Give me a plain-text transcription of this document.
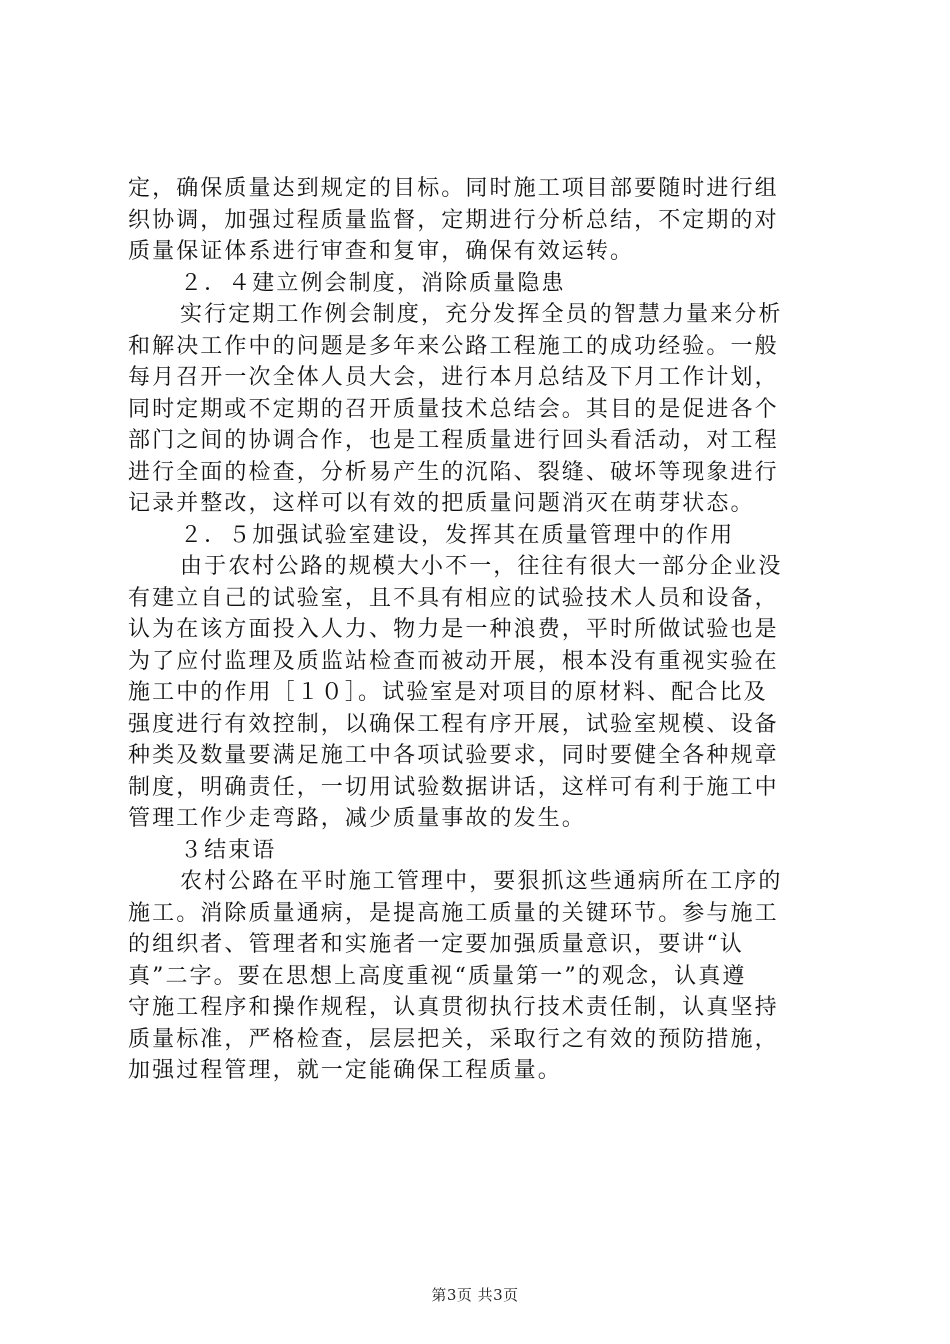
定，确保质量达到规定的目标。同时施工项目部要随时进行组
织协调，加强过程质量监督，定期进行分析总结，不定期的对
质量保证体系进行审查和复审，确保有效运转。
２．４建立例会制度，消除质量隐患
实行定期工作例会制度，充分发挥全员的智慧力量来分析
和解决工作中的问题是多年来公路工程施工的成功经验。一般
每月召开一次全体人员大会，进行本月总结及下月工作计划，
同时定期或不定期的召开质量技术总结会。其目的是促进各个
部门之间的协调合作，也是工程质量进行回头看活动，对工程
进行全面的检查，分析易产生的沉陷、裂缝、破坏等现象进行
记录并整改，这样可以有效的把质量问题消灭在萌芽状态。
２．５加强试验室建设，发挥其在质量管理中的作用
由于农村公路的规模大小不一，往往有很大一部分企业没
有建立自己的试验室，且不具有相应的试验技术人员和设备，
认为在该方面投入人力、物力是一种浪费，平时所做试验也是
为了应付监理及质监站检查而被动开展，根本没有重视实验在
施工中的作用［１０］。试验室是对项目的原材料、配合比及
强度进行有效控制，以确保工程有序开展，试验室规模、设备
种类及数量要满足施工中各项试验要求，同时要健全各种规章
制度，明确责任，一切用试验数据讲话，这样可有利于施工中
管理工作少走弯路，减少质量事故的发生。
３结束语
农村公路在平时施工管理中，要狠抓这些通病所在工序的
施工。消除质量通病，是提高施工质量的关键环节。参与施工
的组织者、管理者和实施者一定要加强质量意识，要讲“认
真”二字。要在思想上高度重视“质量第一”的观念，认真遵
守施工程序和操作规程，认真贯彻执行技术责任制，认真坚持
质量标准，严格检查，层层把关，采取行之有效的预防措施，
加强过程管理，就一定能确保工程质量。
第3页 共3页
